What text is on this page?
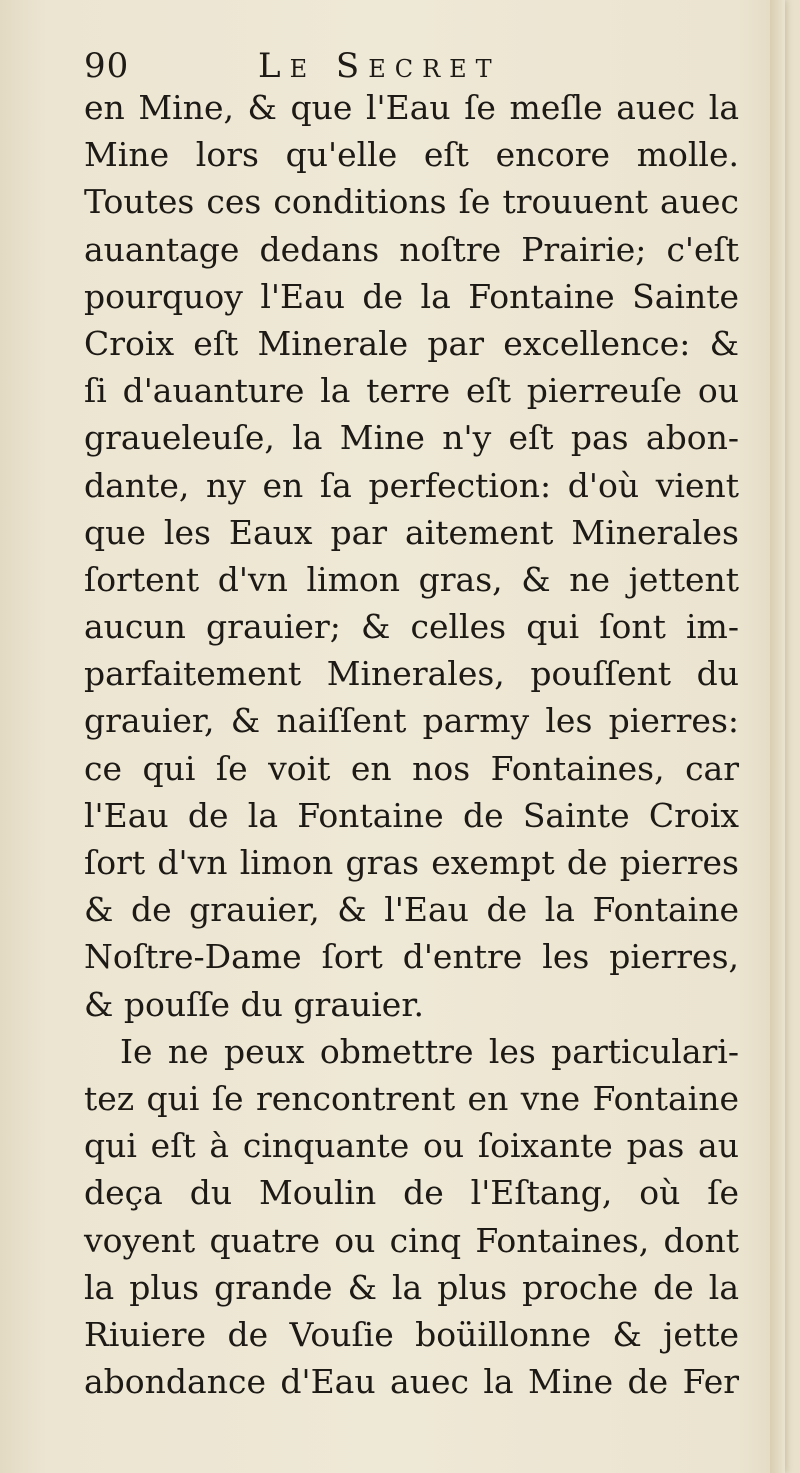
90	Le Secret
en Mine, & que l'Eau ſe meſle auec la
Mine lors qu'elle eſt encore molle.
Toutes ces conditions ſe trouuent auec
auantage dedans noſtre Prairie; c'eſt
pourquoy l'Eau de la Fontaine Sainte
Croix eſt Minerale par excellence: &
ſi d'auanture la terre eſt pierreuſe ou
graueleuſe, la Mine n'y eſt pas abon-
dante, ny en ſa perfection: d'où vient
que les Eaux par aitement Minerales
ſortent d'vn limon gras, & ne jettent
aucun grauier; & celles qui ſont im-
parfaitement Minerales, pouſſent du
grauier, & naiſſent parmy les pierres:
ce qui ſe voit en nos Fontaines, car
l'Eau de la Fontaine de Sainte Croix
ſort d'vn limon gras exempt de pierres
& de grauier, & l'Eau de la Fontaine
Noſtre-Dame ſort d'entre les pierres,
& pouſſe du grauier.
Ie ne peux obmettre les particulari-
tez qui ſe rencontrent en vne Fontaine
qui eſt à cinquante ou ſoixante pas au
deça du Moulin de l'Eſtang, où ſe
voyent quatre ou cinq Fontaines, dont
la plus grande & la plus proche de la
Riuiere de Vouſie boüillonne & jette
abondance d'Eau auec la Mine de Fer
